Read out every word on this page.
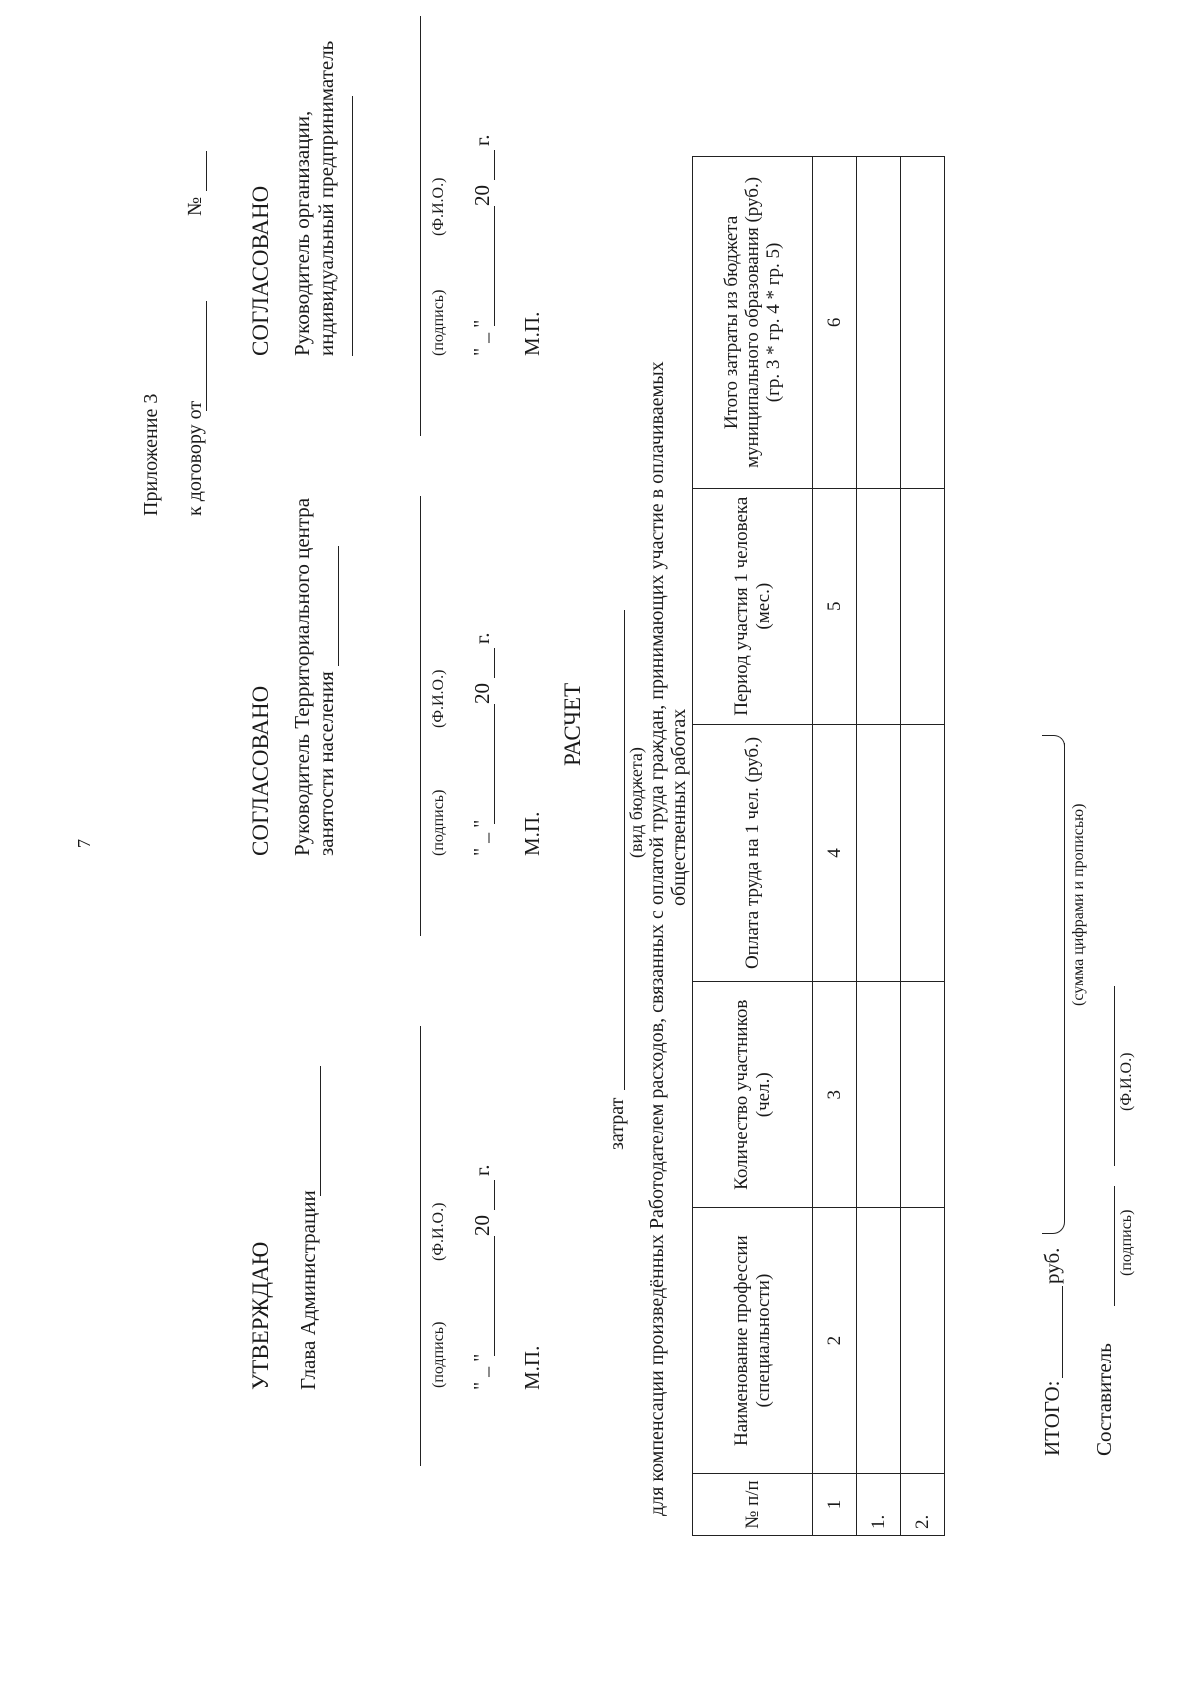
7
Приложение 3 к договору от
№
УТВЕРЖДАЮ Глава Администрации	(подпись)
(Ф.И.О.)
" _ "
20
г.
М.П.
СОГЛАСОВАНО Руководитель Территориального центра занятости населения	(подпись)
(Ф.И.О.)
" _ "
20
г.
М.П.
СОГЛАСОВАНО Руководитель организации, индивидуальный предприниматель	(подпись)
(Ф.И.О.)
" _ "
20
г.
М.П.
РАСЧЕТ
затрат
(вид бюджета) для компенсации произведённых Работодателем расходов, связанных с оплатой труда граждан, принимающих участие в оплачиваемых общественных работах
№ п/п	Наименование профессии (специальности)	Количество участников (чел.)	Оплата труда на 1 чел. (руб.)	Период участия 1 человека (мес.)	Итого затраты из бюджета муниципального образования (руб.) (гр. 3 * гр. 4 * гр. 5)
1	2	3	4	5	6
1.					
2.					
ИТОГО:
руб.
(сумма цифрами и прописью)
Составитель
(подпись)
(Ф.И.О.)
